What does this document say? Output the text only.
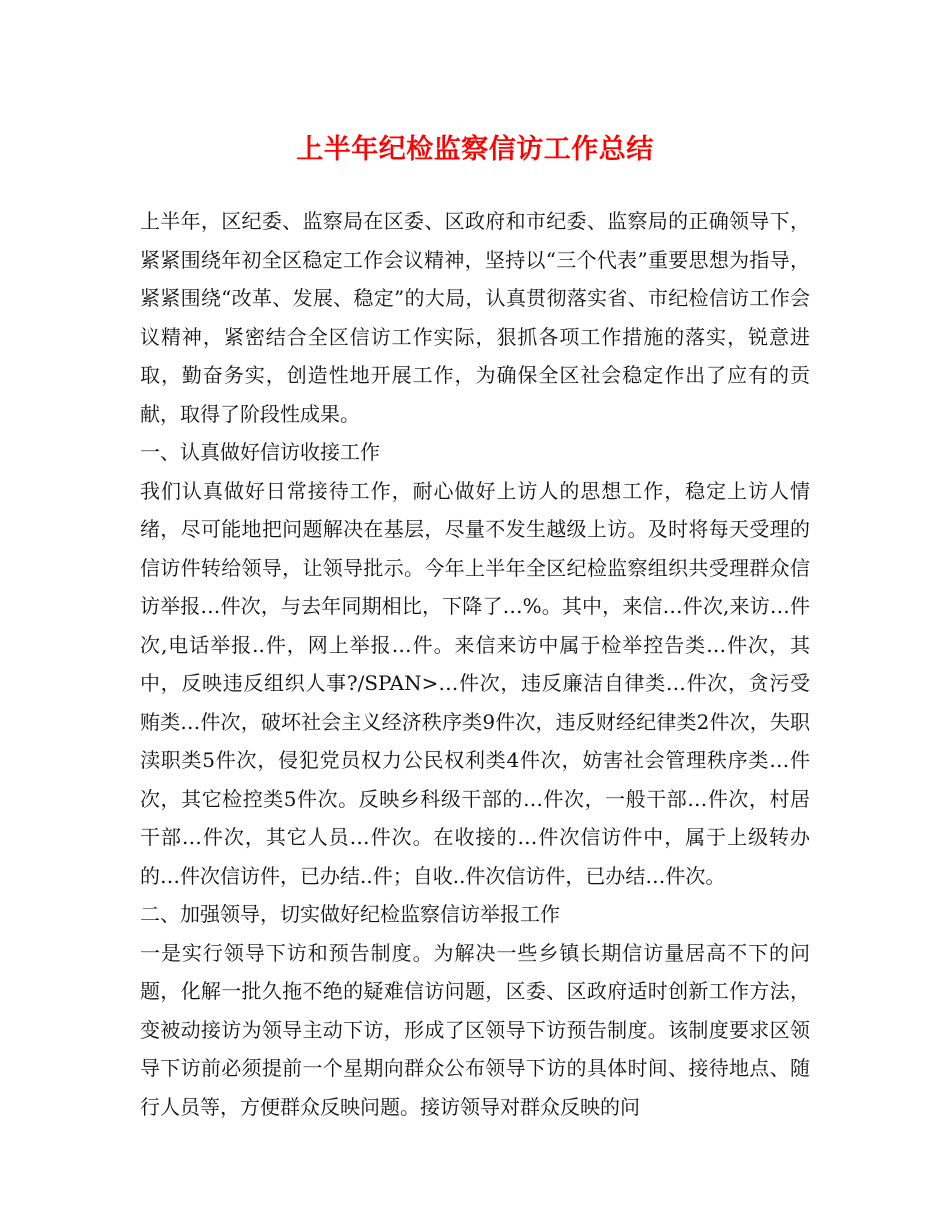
上半年纪检监察信访工作总结

上半年，区纪委、监察局在区委、区政府和市纪委、监察局的正确领导下，紧紧围绕年初全区稳定工作会议精神，坚持以“三个代表”重要思想为指导，紧紧围绕“改革、发展、稳定”的大局，认真贯彻落实省、市纪检信访工作会议精神，紧密结合全区信访工作实际，狠抓各项工作措施的落实，锐意进取，勤奋务实，创造性地开展工作，为确保全区社会稳定作出了应有的贡献，取得了阶段性成果。

一、认真做好信访收接工作

我们认真做好日常接待工作，耐心做好上访人的思想工作，稳定上访人情绪，尽可能地把问题解决在基层，尽量不发生越级上访。及时将每天受理的信访件转给领导，让领导批示。今年上半年全区纪检监察组织共受理群众信访举报…件次，与去年同期相比，下降了…%。其中，来信…件次,来访…件次,电话举报..件，网上举报…件。来信来访中属于检举控告类…件次，其中，反映违反组织人事?/SPAN>…件次，违反廉洁自律类…件次，贪污受贿类…件次，破坏社会主义经济秩序类9件次，违反财经纪律类2件次，失职渎职类5件次，侵犯党员权力公民权利类4件次，妨害社会管理秩序类…件次，其它检控类5件次。反映乡科级干部的…件次，一般干部…件次，村居干部…件次，其它人员…件次。在收接的…件次信访件中，属于上级转办的…件次信访件，已办结..件；自收..件次信访件，已办结…件次。

二、加强领导，切实做好纪检监察信访举报工作

一是实行领导下访和预告制度。为解决一些乡镇长期信访量居高不下的问题，化解一批久拖不绝的疑难信访问题，区委、区政府适时创新工作方法，变被动接访为领导主动下访，形成了区领导下访预告制度。该制度要求区领导下访前必须提前一个星期向群众公布领导下访的具体时间、接待地点、随行人员等，方便群众反映问题。接访领导对群众反映的问
